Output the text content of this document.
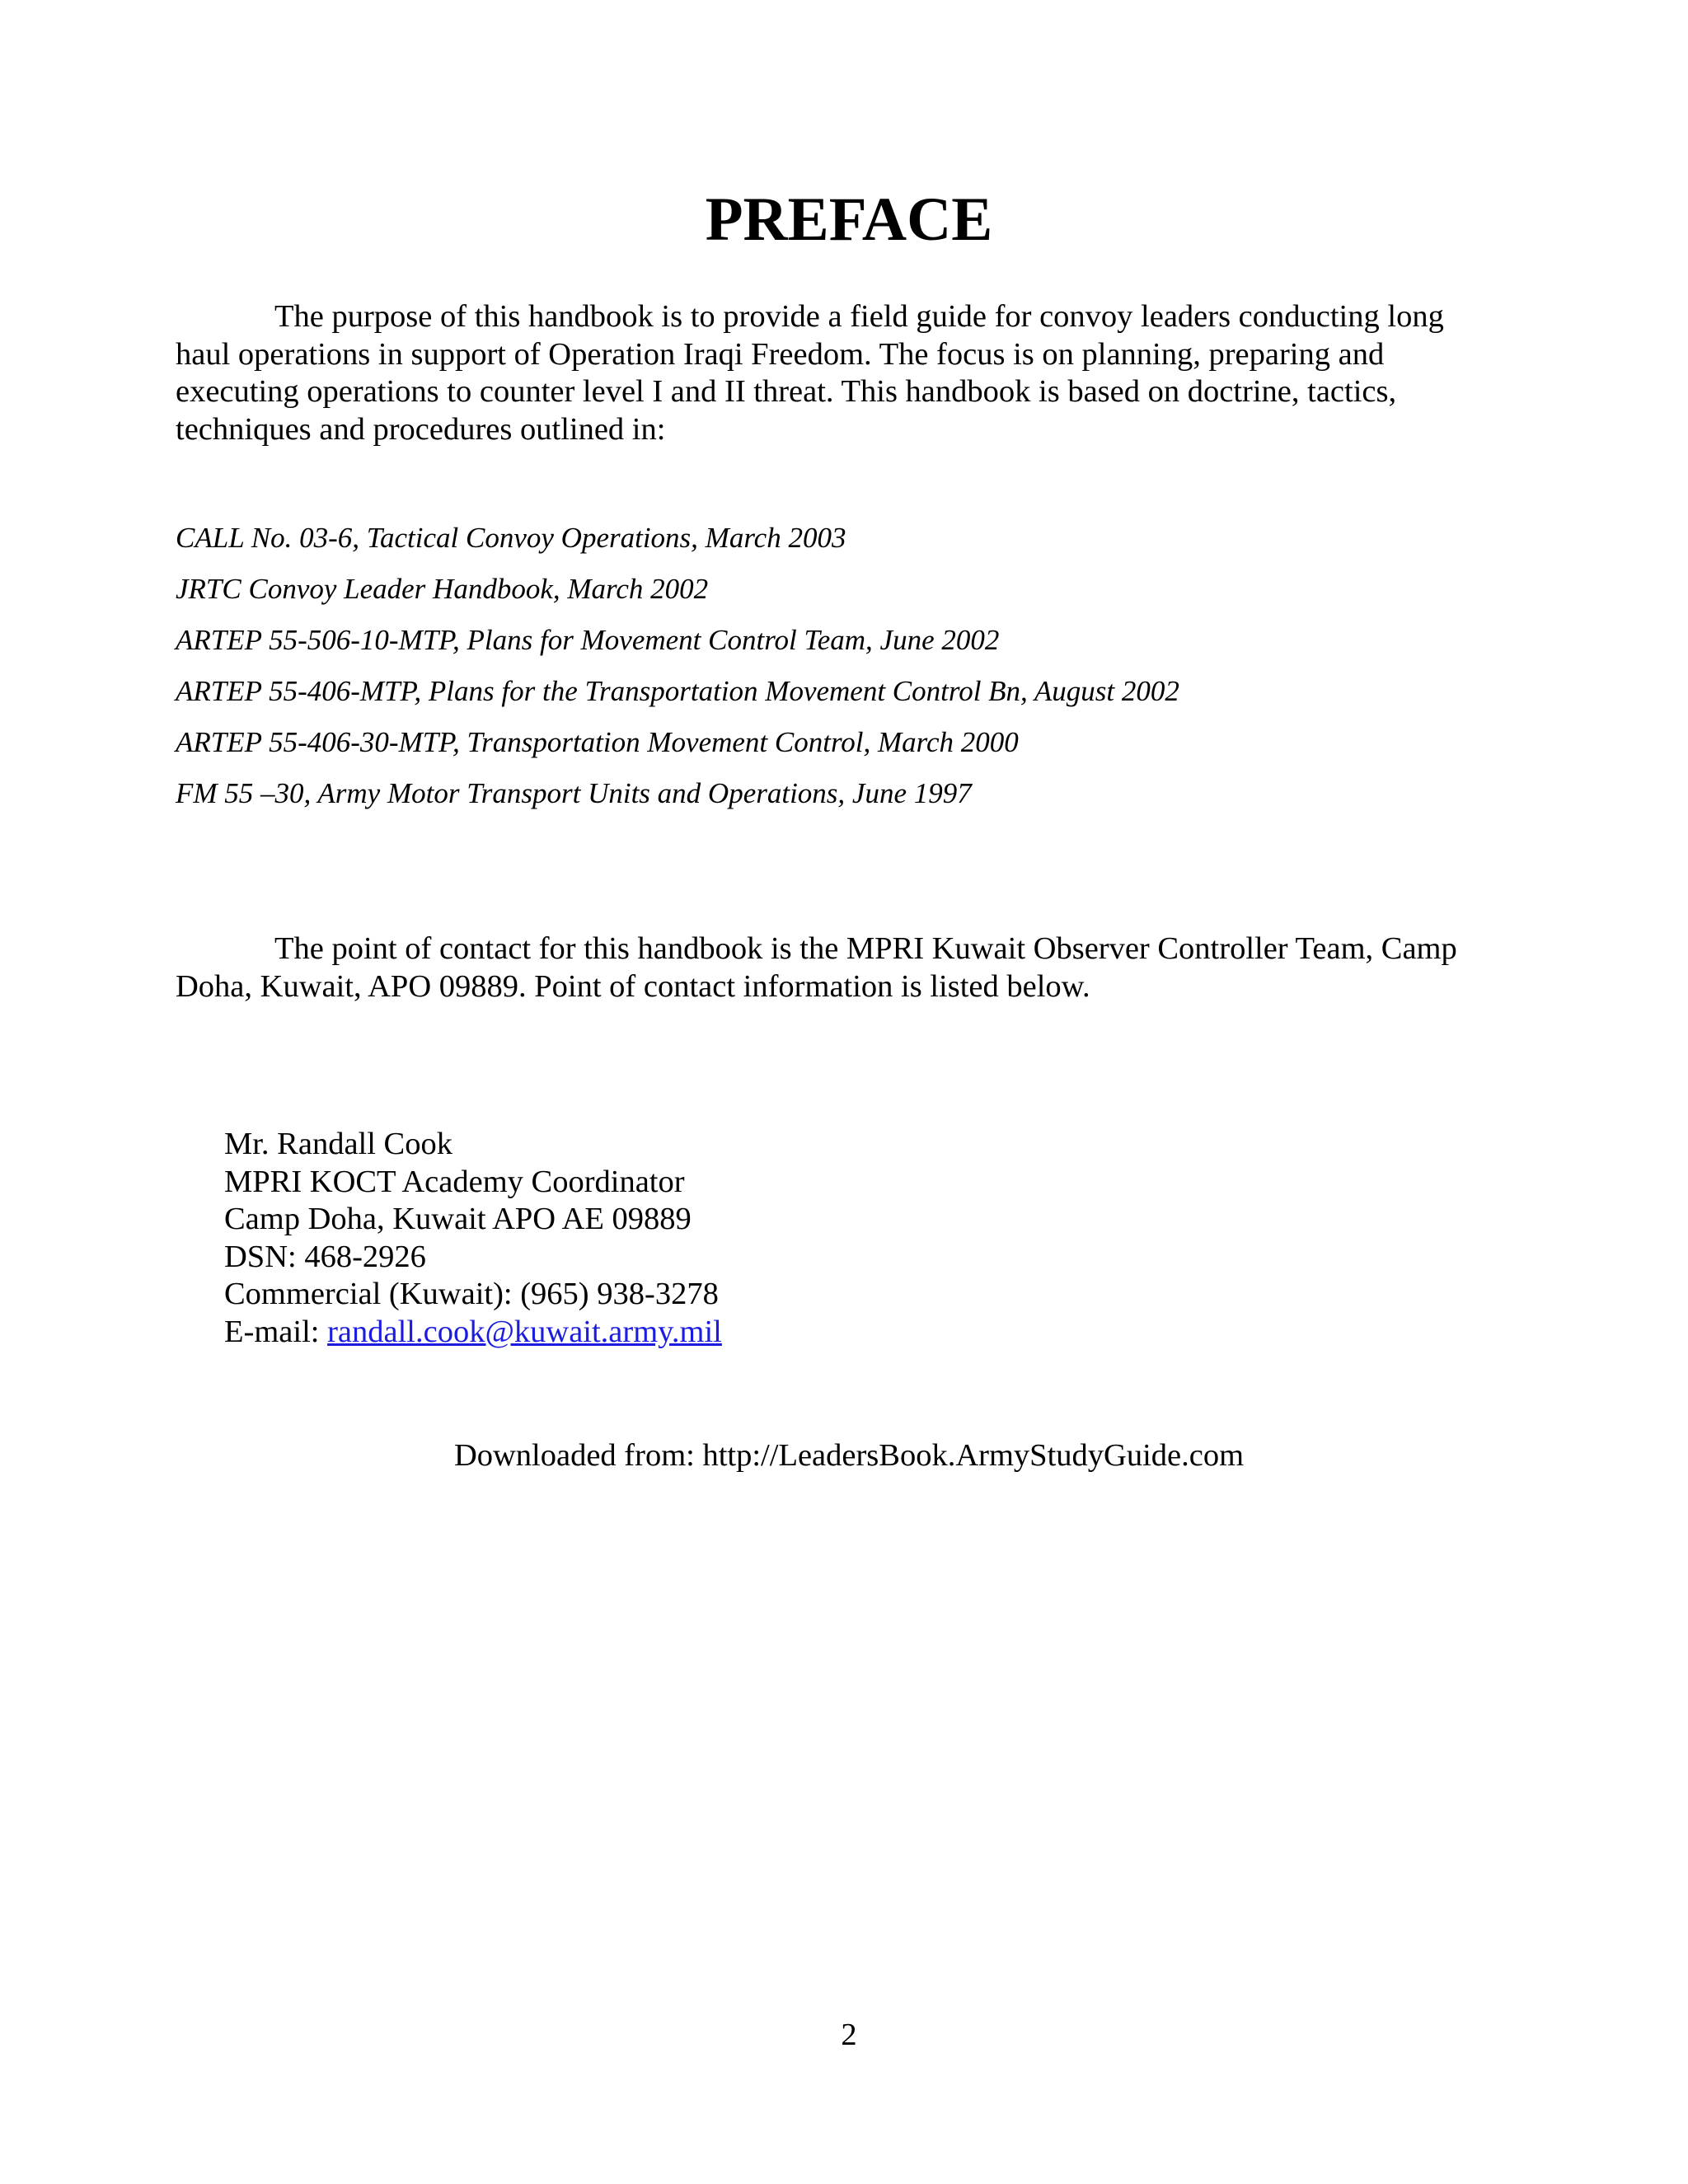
PREFACE

The purpose of this handbook is to provide a field guide for convoy leaders conducting long
haul operations in support of Operation Iraqi Freedom. The focus is on planning, preparing and
executing operations to counter level I and II threat. This handbook is based on doctrine, tactics,
techniques and procedures outlined in:

CALL No. 03-6, Tactical Convoy Operations, March 2003
JRTC Convoy Leader Handbook, March 2002
ARTEP 55-506-10-MTP, Plans for Movement Control Team, June 2002
ARTEP 55-406-MTP, Plans for the Transportation Movement Control Bn, August 2002
ARTEP 55-406-30-MTP, Transportation Movement Control, March 2000
FM 55 –30, Army Motor Transport Units and Operations, June 1997

The point of contact for this handbook is the MPRI Kuwait Observer Controller Team, Camp
Doha, Kuwait, APO 09889. Point of contact information is listed below.

Mr. Randall Cook
MPRI KOCT Academy Coordinator
Camp Doha, Kuwait APO AE 09889
DSN: 468-2926
Commercial (Kuwait): (965) 938-3278
E-mail: randall.cook@kuwait.army.mil
Downloaded from: http://LeadersBook.ArmyStudyGuide.com
2
